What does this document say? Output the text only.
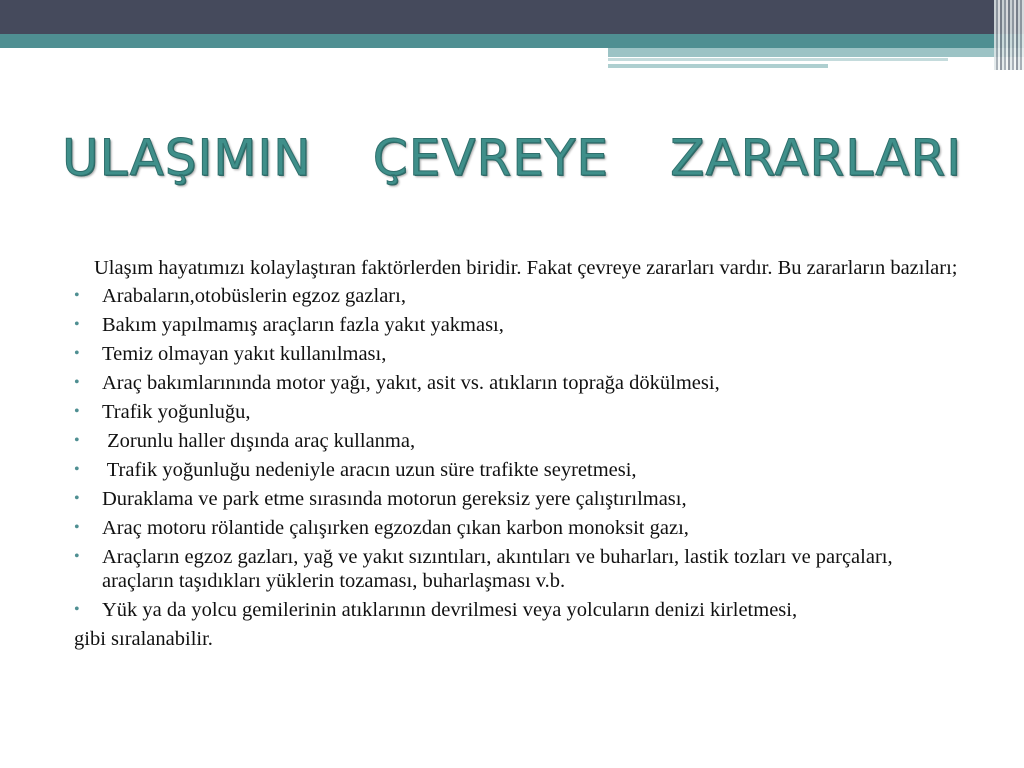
ULAŞIMIN ÇEVREYE ZARARLARI

Ulaşım hayatımızı kolaylaştıran faktörlerden biridir. Fakat çevreye zararları vardır. Bu zararların bazıları;

• Arabaların,otobüslerin egzoz gazları,
• Bakım yapılmamış araçların fazla yakıt yakması,
• Temiz olmayan yakıt kullanılması,
• Araç bakımlarınında motor yağı, yakıt, asit vs. atıkların toprağa dökülmesi,
• Trafik yoğunluğu,
• Zorunlu haller dışında araç kullanma,
• Trafik yoğunluğu nedeniyle aracın uzun süre trafikte seyretmesi,
• Duraklama ve park etme sırasında motorun gereksiz yere çalıştırılması,
• Araç motoru rölantide çalışırken egzozdan çıkan karbon monoksit gazı,
• Araçların egzoz gazları, yağ ve yakıt sızıntıları, akıntıları ve buharları, lastik tozları ve parçaları, araçların taşıdıkları yüklerin tozaması, buharlaşması v.b.
• Yük ya da yolcu gemilerinin atıklarının devrilmesi veya yolcuların denizi kirletmesi,

gibi sıralanabilir.
